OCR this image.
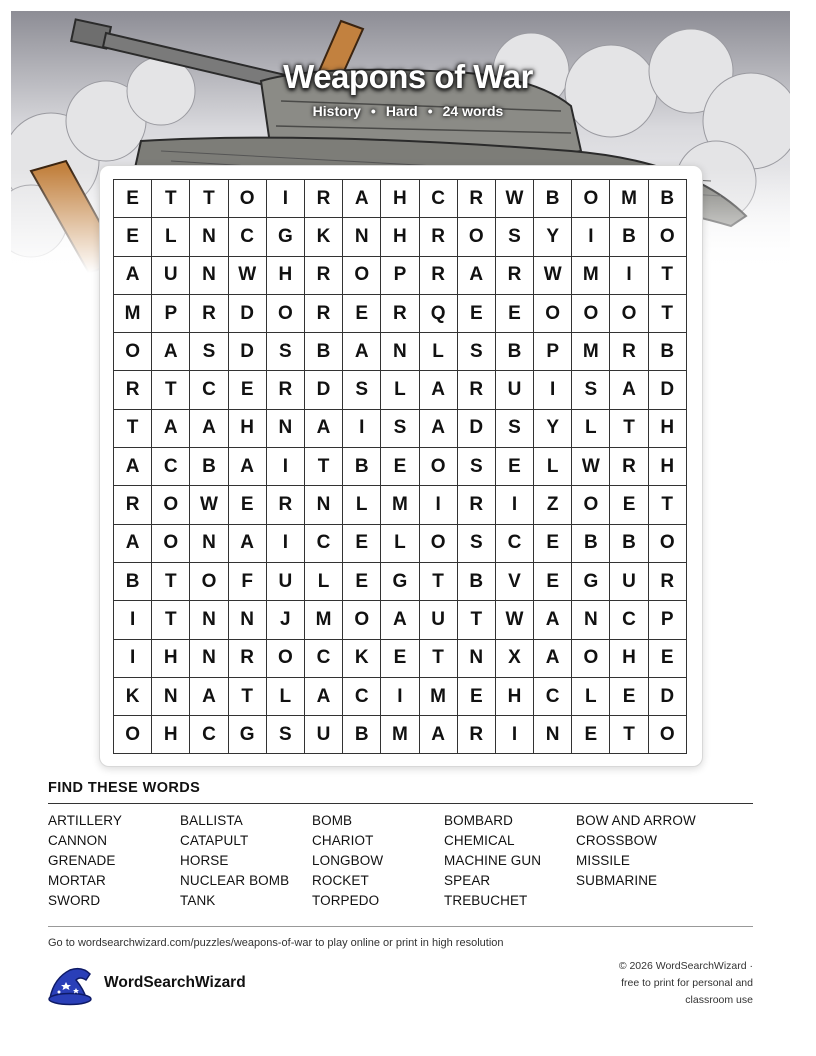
Weapons of War
History • Hard • 24 words
E	T	T	O	I	R	A	H	C	R	W	B	O	M	B
E	L	N	C	G	K	N	H	R	O	S	Y	I	B	O
A	U	N	W	H	R	O	P	R	A	R	W	M	I	T
M	P	R	D	O	R	E	R	Q	E	E	O	O	O	T
O	A	S	D	S	B	A	N	L	S	B	P	M	R	B
R	T	C	E	R	D	S	L	A	R	U	I	S	A	D
T	A	A	H	N	A	I	S	A	D	S	Y	L	T	H
A	C	B	A	I	T	B	E	O	S	E	L	W	R	H
R	O	W	E	R	N	L	M	I	R	I	Z	O	E	T
A	O	N	A	I	C	E	L	O	S	C	E	B	B	O
B	T	O	F	U	L	E	G	T	B	V	E	G	U	R
I	T	N	N	J	M	O	A	U	T	W	A	N	C	P
I	H	N	R	O	C	K	E	T	N	X	A	O	H	E
K	N	A	T	L	A	C	I	M	E	H	C	L	E	D
O	H	C	G	S	U	B	M	A	R	I	N	E	T	O
FIND THESE WORDS
ARTILLERY	BALLISTA	BOMB	BOMBARD	BOW AND ARROW
CANNON	CATAPULT	CHARIOT	CHEMICAL	CROSSBOW
GRENADE	HORSE	LONGBOW	MACHINE GUN	MISSILE
MORTAR	NUCLEAR BOMB	ROCKET	SPEAR	SUBMARINE
SWORD	TANK	TORPEDO	TREBUCHET
Go to wordsearchwizard.com/puzzles/weapons-of-war to play online or print in high resolution
WordSearchWizard
© 2026 WordSearchWizard ·
free to print for personal and
classroom use
